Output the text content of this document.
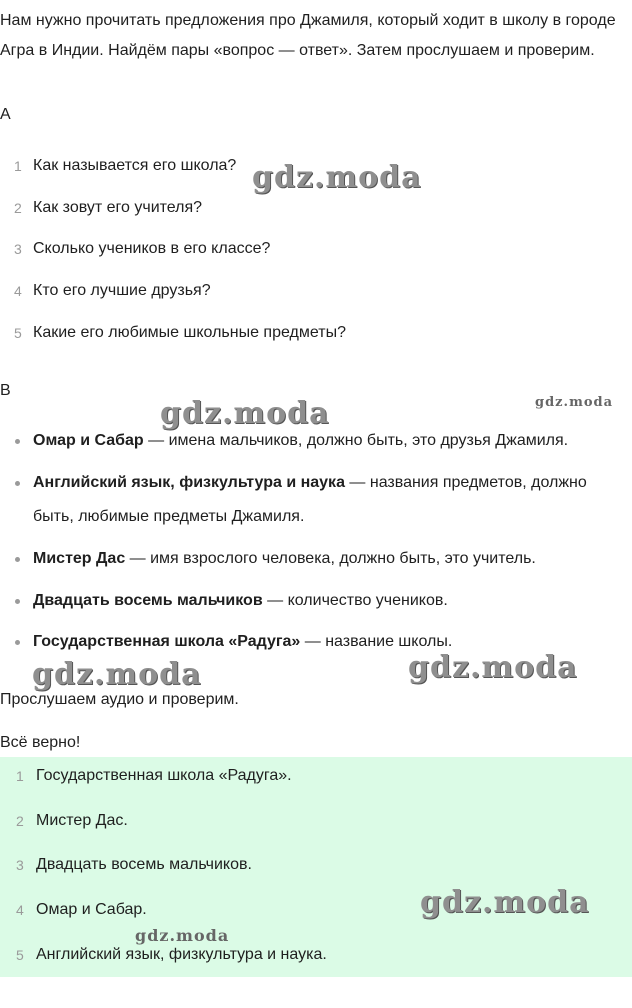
Нам нужно прочитать предложения про Джамиля, который ходит в школу в городе Агра в Индии. Найдём пары «вопрос — ответ». Затем прослушаем и проверим.

A

1 Как называется его школа?
2 Как зовут его учителя?
3 Сколько учеников в его классе?
4 Кто его лучшие друзья?
5 Какие его любимые школьные предметы?

B

Омар и Сабар — имена мальчиков, должно быть, это друзья Джамиля.
Английский язык, физкультура и наука — названия предметов, должно быть, любимые предметы Джамиля.
Мистер Дас — имя взрослого человека, должно быть, это учитель.
Двадцать восемь мальчиков — количество учеников.
Государственная школа «Радуга» — название школы.

Прослушаем аудио и проверим.

Всё верно!

1 Государственная школа «Радуга».
2 Мистер Дас.
3 Двадцать восемь мальчиков.
4 Омар и Сабар.
5 Английский язык, физкультура и наука.
gdz.moda
gdz.moda	gdz.moda
gdz.moda	gdz.moda
gdz.moda
gdz.moda
